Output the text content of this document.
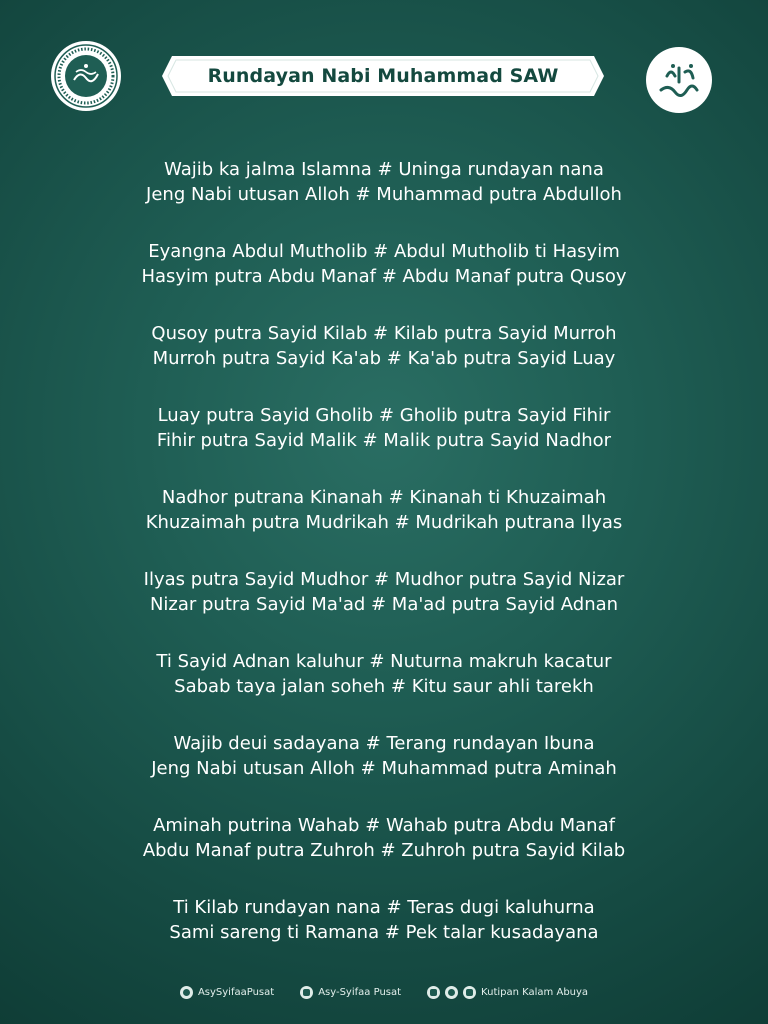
Rundayan Nabi Muhammad SAW
Wajib ka jalma Islamna # Uninga rundayan nana
Jeng Nabi utusan Alloh # Muhammad putra Abdulloh
Eyangna Abdul Mutholib # Abdul Mutholib ti Hasyim
Hasyim putra Abdu Manaf # Abdu Manaf putra Qusoy
Qusoy putra Sayid Kilab # Kilab putra Sayid Murroh
Murroh putra Sayid Ka'ab # Ka'ab putra Sayid Luay
Luay putra Sayid Gholib # Gholib putra Sayid Fihir
Fihir putra Sayid Malik # Malik putra Sayid Nadhor
Nadhor putrana Kinanah # Kinanah ti Khuzaimah
Khuzaimah putra Mudrikah # Mudrikah putrana Ilyas
Ilyas putra Sayid Mudhor # Mudhor putra Sayid Nizar
Nizar putra Sayid Ma'ad # Ma'ad putra Sayid Adnan
Ti Sayid Adnan kaluhur # Nuturna makruh kacatur
Sabab taya jalan soheh # Kitu saur ahli tarekh
Wajib deui sadayana # Terang rundayan Ibuna
Jeng Nabi utusan Alloh # Muhammad putra Aminah
Aminah putrina Wahab # Wahab putra Abdu Manaf
Abdu Manaf putra Zuhroh # Zuhroh putra Sayid Kilab
Ti Kilab rundayan nana # Teras dugi kaluhurna
Sami sareng ti Ramana # Pek talar kusadayana
AsySyifaaPusat	Asy-Syifaa Pusat	Kutipan Kalam Abuya
